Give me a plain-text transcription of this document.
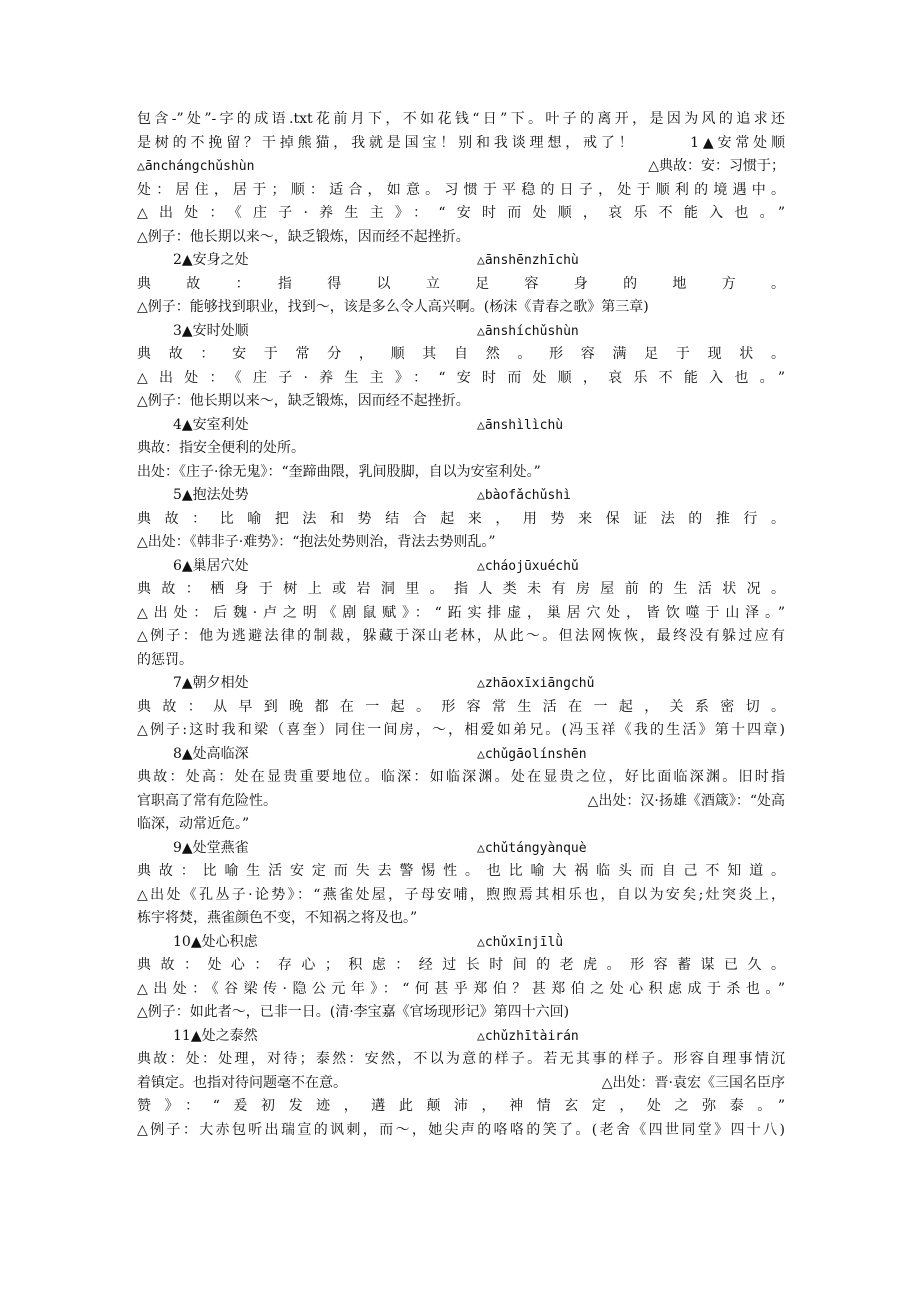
包含-”处”-字的成语.txt花前月下，不如花钱“日”下。叶子的离开，是因为风的追求还
是树的不挽留？干掉熊猫，我就是国宝！别和我谈理想，戒了！　　　1▲安常处顺
△ānchángchǔshùn	△典故：安：习惯于；
处：居住，居于；顺：适合，如意。习惯于平稳的日子，处于顺利的境遇中。
△出处：《庄子·养生主》：“安时而处顺，哀乐不能入也。”
△例子：他长期以来～，缺乏锻炼，因而经不起挫折。
2▲安身之处	△ānshēnzhīchù
典　故　：　指　得　以　立　足　容　身　的　地　方　。
△例子：能够找到职业，找到～，该是多么令人高兴啊。(杨沫《青春之歌》第三章)
3▲安时处顺	△ānshíchǔshùn
典故：安于常分，顺其自然。形容满足于现状。
△出处：《庄子·养生主》：“安时而处顺，哀乐不能入也。”
△例子：他长期以来～，缺乏锻炼，因而经不起挫折。
4▲安室利处	△ānshìlìchù
典故：指安全便利的处所。
出处：《庄子·徐无鬼》：“奎蹄曲隈，乳间股脚，自以为安室利处。”
5▲抱法处势	△bàofǎchǔshì
典故：比喻把法和势结合起来，用势来保证法的推行。
△出处：《韩非子·难势》：“抱法处势则治，背法去势则乱。”
6▲巢居穴处	△cháojūxuéchǔ
典故：栖身于树上或岩洞里。指人类未有房屋前的生活状况。
△出处：后魏·卢之明《剧鼠赋》：“跖实排虚，巢居穴处，皆饮噬于山泽。”
△例子：他为逃避法律的制裁，躲藏于深山老林，从此～。但法网恢恢，最终没有躲过应有
的惩罚。
7▲朝夕相处	△zhāoxīxiāngchǔ
典故：从早到晚都在一起。形容常生活在一起，关系密切。
△例子:这时我和梁（喜奎）同住一间房，～，相爱如弟兄。(冯玉祥《我的生活》第十四章)
8▲处高临深	△chǔgāolínshēn
典故：处高：处在显贵重要地位。临深：如临深渊。处在显贵之位，好比面临深渊。旧时指
官职高了常有危险性。	△出处：汉·扬雄《酒箴》：“处高
临深，动常近危。”
9▲处堂燕雀	△chǔtángyànquè
典故：比喻生活安定而失去警惕性。也比喻大祸临头而自己不知道。
△出处《孔丛子·论势》：“燕雀处屋，子母安哺，煦煦焉其相乐也，自以为安矣;灶突炎上，
栋宇将焚，燕雀颜色不变，不知祸之将及也。”
10▲处心积虑	△chǔxīnjīlǜ
典故：处心：存心；积虑：经过长时间的老虎。形容蓄谋已久。
△出处：《谷梁传·隐公元年》：“何甚乎郑伯？甚郑伯之处心积虑成于杀也。”
△例子：如此者～，已非一日。(清·李宝嘉《官场现形记》第四十六回)
11▲处之泰然	△chǔzhītàirán
典故：处：处理，对待；泰然：安然，不以为意的样子。若无其事的样子。形容自理事情沉
着镇定。也指对待问题毫不在意。	△出处：晋·袁宏《三国名臣序
赞》：“爰初发迹，遘此颠沛，神情玄定，处之弥泰。”
△例子：大赤包听出瑞宣的讽刺，而～，她尖声的咯咯的笑了。(老舍《四世同堂》四十八)
